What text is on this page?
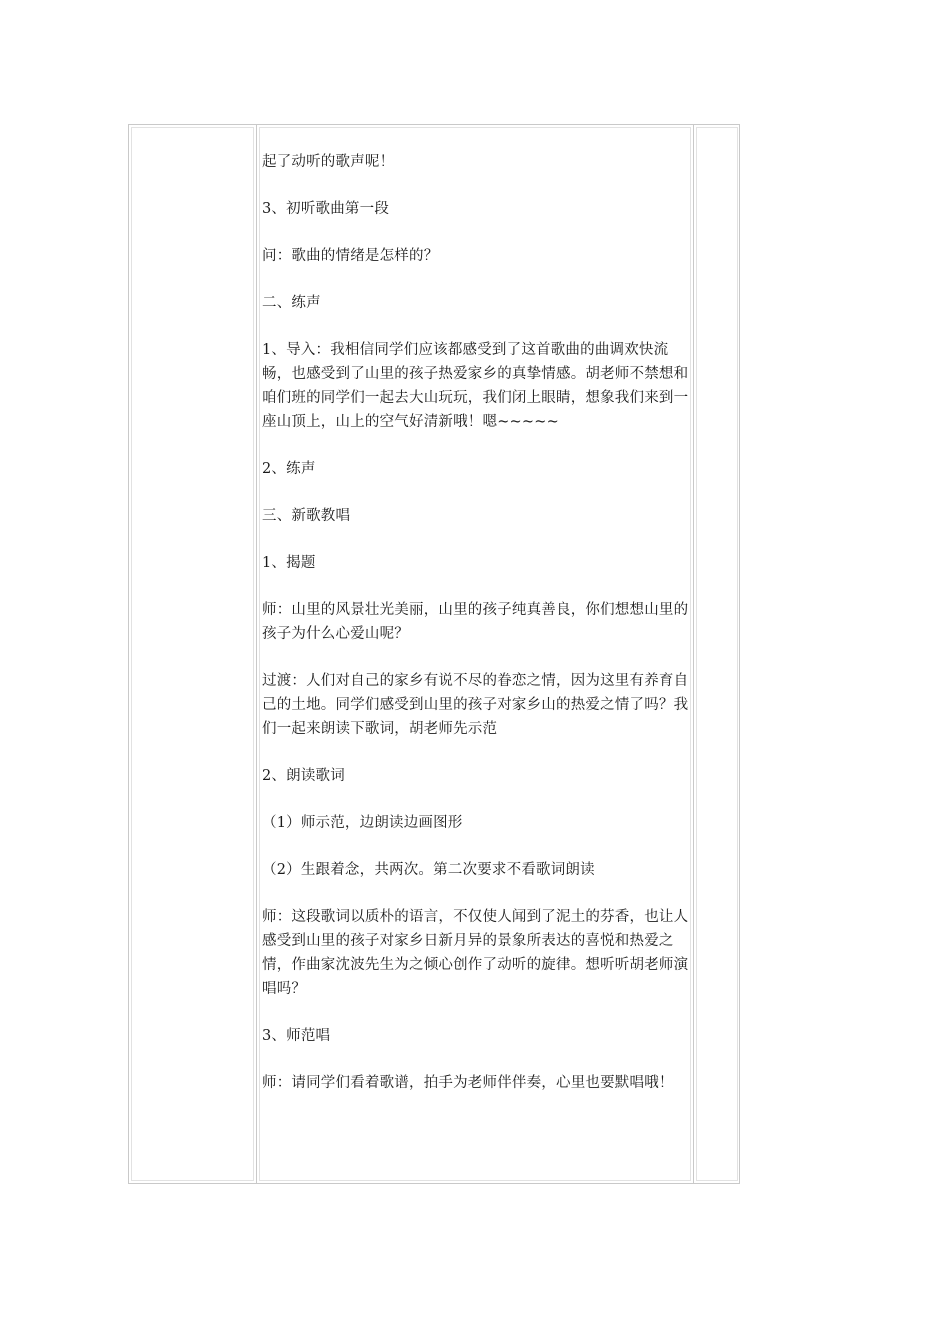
起了动听的歌声呢！

3、初听歌曲第一段

问：歌曲的情绪是怎样的？

二、练声

1、导入：我相信同学们应该都感受到了这首歌曲的曲调欢快流畅，也感受到了山里的孩子热爱家乡的真挚情感。胡老师不禁想和咱们班的同学们一起去大山玩玩，我们闭上眼睛，想象我们来到一座山顶上，山上的空气好清新哦！嗯~~~~~

2、练声

三、新歌教唱

1、揭题

师：山里的风景壮光美丽，山里的孩子纯真善良，你们想想山里的孩子为什么心爱山呢？

过渡：人们对自己的家乡有说不尽的眷恋之情，因为这里有养育自己的土地。同学们感受到山里的孩子对家乡山的热爱之情了吗？我们一起来朗读下歌词，胡老师先示范

2、朗读歌词

（1）师示范，边朗读边画图形

（2）生跟着念，共两次。第二次要求不看歌词朗读

师：这段歌词以质朴的语言，不仅使人闻到了泥土的芬香，也让人感受到山里的孩子对家乡日新月异的景象所表达的喜悦和热爱之情，作曲家沈波先生为之倾心创作了动听的旋律。想听听胡老师演唱吗？

3、师范唱

师：请同学们看着歌谱，拍手为老师伴伴奏，心里也要默唱哦！
